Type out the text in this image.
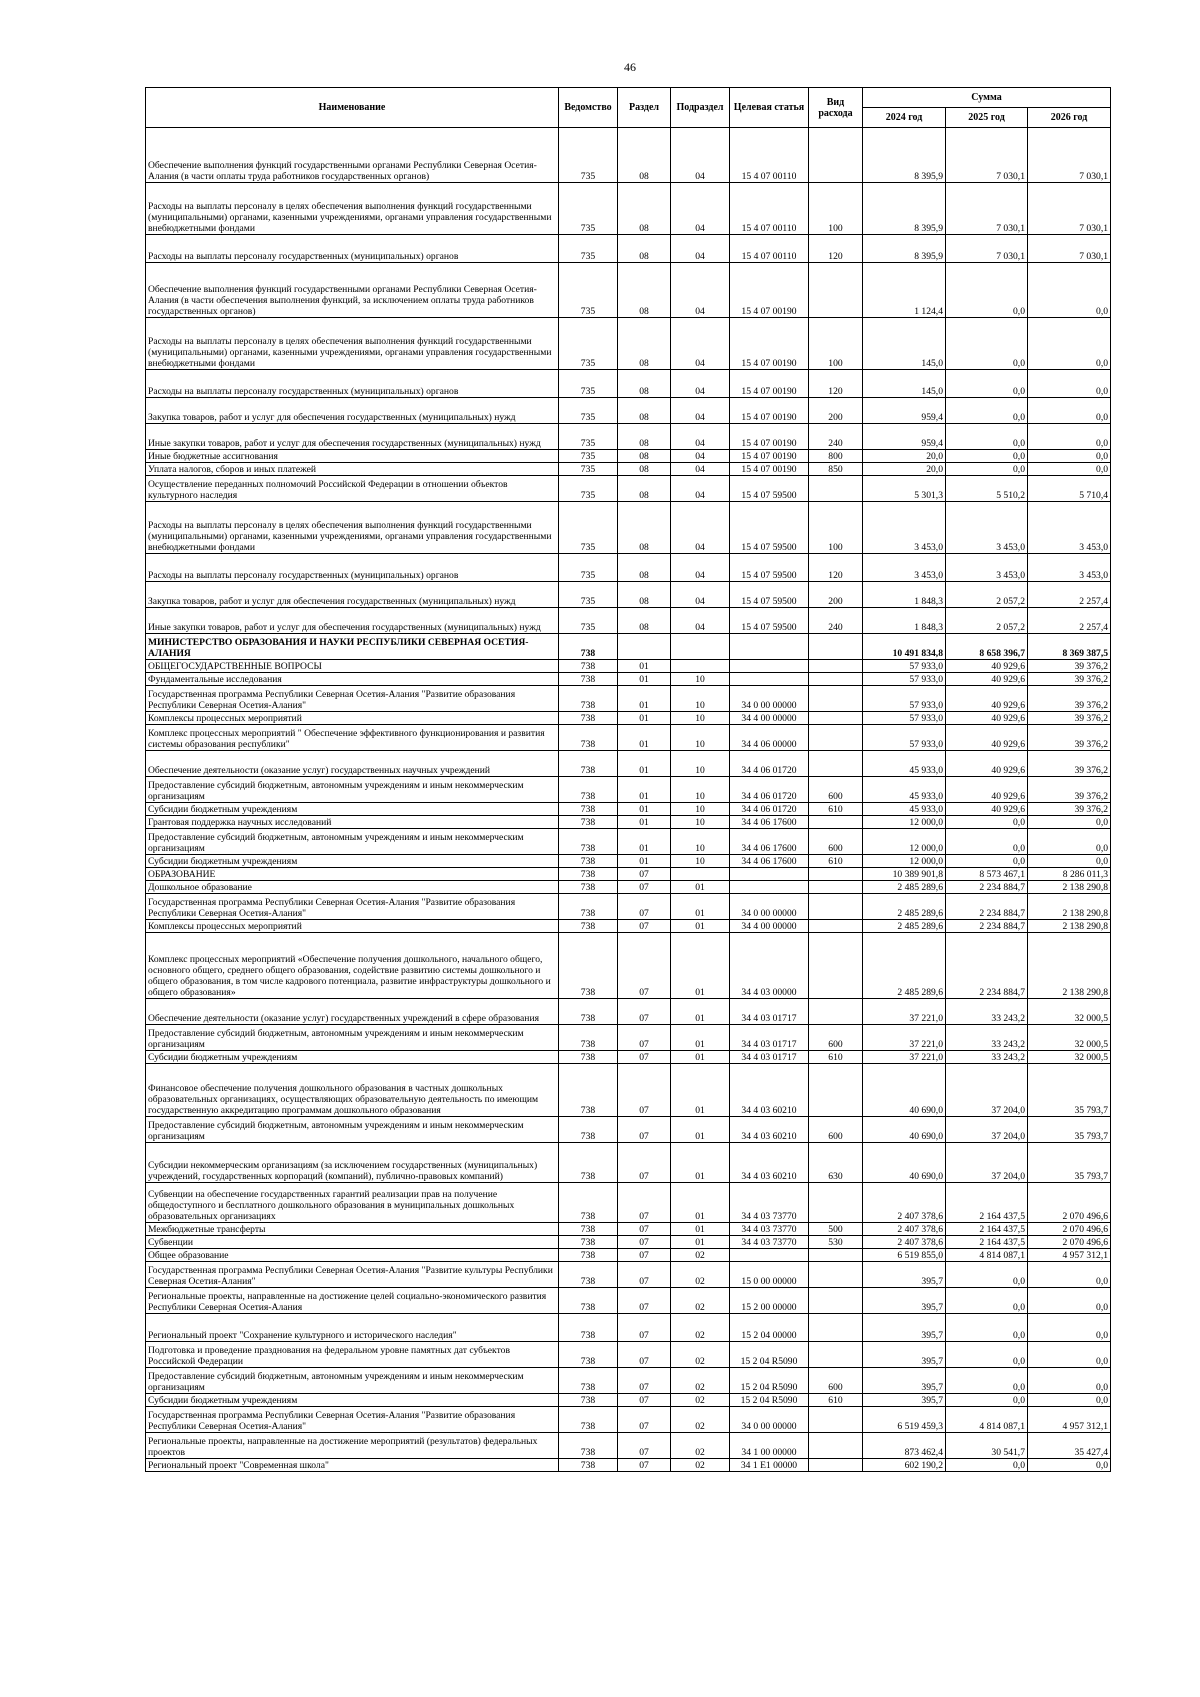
46
Наименование	Ведомство	Раздел	Подраздел	Целевая статья	Вид расхода	Сумма		
						2024 год	2025 год	2026 год
Обеспечение выполнения функций государственными органами Республики Северная Осетия-Алания (в части оплаты труда работников государственных органов)	735	08	04	15 4 07 00110		8 395,9	7 030,1	7 030,1
Расходы на выплаты персоналу в целях обеспечения выполнения функций государственными (муниципальными) органами, казенными учреждениями, органами управления государственными внебюджетными фондами	735	08	04	15 4 07 00110	100	8 395,9	7 030,1	7 030,1
Расходы на выплаты персоналу государственных (муниципальных) органов	735	08	04	15 4 07 00110	120	8 395,9	7 030,1	7 030,1
Обеспечение выполнения функций государственными органами Республики Северная Осетия-Алания (в части обеспечения выполнения функций, за исключением оплаты труда работников государственных органов)	735	08	04	15 4 07 00190		1 124,4	0,0	0,0
Расходы на выплаты персоналу в целях обеспечения выполнения функций государственными (муниципальными) органами, казенными учреждениями, органами управления государственными внебюджетными фондами	735	08	04	15 4 07 00190	100	145,0	0,0	0,0
Расходы на выплаты персоналу государственных (муниципальных) органов	735	08	04	15 4 07 00190	120	145,0	0,0	0,0
Закупка товаров, работ и услуг для обеспечения государственных (муниципальных) нужд	735	08	04	15 4 07 00190	200	959,4	0,0	0,0
Иные закупки товаров, работ и услуг для обеспечения государственных (муниципальных) нужд	735	08	04	15 4 07 00190	240	959,4	0,0	0,0
Иные бюджетные ассигнования	735	08	04	15 4 07 00190	800	20,0	0,0	0,0
Уплата налогов, сборов и иных платежей	735	08	04	15 4 07 00190	850	20,0	0,0	0,0
Осуществление переданных полномочий Российской Федерации в отношении объектов культурного наследия	735	08	04	15 4 07 59500		5 301,3	5 510,2	5 710,4
Расходы на выплаты персоналу в целях обеспечения выполнения функций государственными (муниципальными) органами, казенными учреждениями, органами управления государственными внебюджетными фондами	735	08	04	15 4 07 59500	100	3 453,0	3 453,0	3 453,0
Расходы на выплаты персоналу государственных (муниципальных) органов	735	08	04	15 4 07 59500	120	3 453,0	3 453,0	3 453,0
Закупка товаров, работ и услуг для обеспечения государственных (муниципальных) нужд	735	08	04	15 4 07 59500	200	1 848,3	2 057,2	2 257,4
Иные закупки товаров, работ и услуг для обеспечения государственных (муниципальных) нужд	735	08	04	15 4 07 59500	240	1 848,3	2 057,2	2 257,4
МИНИСТЕРСТВО ОБРАЗОВАНИЯ И НАУКИ РЕСПУБЛИКИ СЕВЕРНАЯ ОСЕТИЯ-АЛАНИЯ	738					10 491 834,8	8 658 396,7	8 369 387,5
ОБЩЕГОСУДАРСТВЕННЫЕ ВОПРОСЫ	738	01				57 933,0	40 929,6	39 376,2
Фундаментальные исследования	738	01	10			57 933,0	40 929,6	39 376,2
Государственная программа Республики Северная Осетия-Алания "Развитие образования Республики Северная Осетия-Алания"	738	01	10	34 0 00 00000		57 933,0	40 929,6	39 376,2
Комплексы процессных мероприятий	738	01	10	34 4 00 00000		57 933,0	40 929,6	39 376,2
Комплекс процессных мероприятий " Обеспечение эффективного функционирования и развития системы образования республики"	738	01	10	34 4 06 00000		57 933,0	40 929,6	39 376,2
Обеспечение деятельности (оказание услуг) государственных научных учреждений	738	01	10	34 4 06 01720		45 933,0	40 929,6	39 376,2
Предоставление субсидий бюджетным, автономным учреждениям и иным некоммерческим организациям	738	01	10	34 4 06 01720	600	45 933,0	40 929,6	39 376,2
Субсидии бюджетным учреждениям	738	01	10	34 4 06 01720	610	45 933,0	40 929,6	39 376,2
Грантовая поддержка научных исследований	738	01	10	34 4 06 17600		12 000,0	0,0	0,0
Предоставление субсидий бюджетным, автономным учреждениям и иным некоммерческим организациям	738	01	10	34 4 06 17600	600	12 000,0	0,0	0,0
Субсидии бюджетным учреждениям	738	01	10	34 4 06 17600	610	12 000,0	0,0	0,0
ОБРАЗОВАНИЕ	738	07				10 389 901,8	8 573 467,1	8 286 011,3
Дошкольное образование	738	07	01			2 485 289,6	2 234 884,7	2 138 290,8
Государственная программа Республики Северная Осетия-Алания "Развитие образования Республики Северная Осетия-Алания"	738	07	01	34 0 00 00000		2 485 289,6	2 234 884,7	2 138 290,8
Комплексы процессных мероприятий	738	07	01	34 4 00 00000		2 485 289,6	2 234 884,7	2 138 290,8
Комплекс процессных мероприятий «Обеспечение получения дошкольного, начального общего, основного общего, среднего общего образования, содействие развитию системы дошкольного и общего образования, в том числе кадрового потенциала, развитие инфраструктуры дошкольного и общего образования»	738	07	01	34 4 03 00000		2 485 289,6	2 234 884,7	2 138 290,8
Обеспечение деятельности (оказание услуг) государственных учреждений в сфере образования	738	07	01	34 4 03 01717		37 221,0	33 243,2	32 000,5
Предоставление субсидий бюджетным, автономным учреждениям и иным некоммерческим организациям	738	07	01	34 4 03 01717	600	37 221,0	33 243,2	32 000,5
Субсидии бюджетным учреждениям	738	07	01	34 4 03 01717	610	37 221,0	33 243,2	32 000,5
Финансовое обеспечение получения дошкольного образования в частных дошкольных образовательных организациях, осуществляющих образовательную деятельность по имеющим государственную аккредитацию программам дошкольного образования	738	07	01	34 4 03 60210		40 690,0	37 204,0	35 793,7
Предоставление субсидий бюджетным, автономным учреждениям и иным некоммерческим организациям	738	07	01	34 4 03 60210	600	40 690,0	37 204,0	35 793,7
Субсидии некоммерческим организациям (за исключением государственных (муниципальных) учреждений, государственных корпораций (компаний), публично-правовых компаний)	738	07	01	34 4 03 60210	630	40 690,0	37 204,0	35 793,7
Субвенции на обеспечение государственных гарантий реализации прав на получение общедоступного и бесплатного дошкольного образования в муниципальных дошкольных образовательных организациях	738	07	01	34 4 03 73770		2 407 378,6	2 164 437,5	2 070 496,6
Межбюджетные трансферты	738	07	01	34 4 03 73770	500	2 407 378,6	2 164 437,5	2 070 496,6
Субвенции	738	07	01	34 4 03 73770	530	2 407 378,6	2 164 437,5	2 070 496,6
Общее образование	738	07	02			6 519 855,0	4 814 087,1	4 957 312,1
Государственная программа Республики Северная Осетия-Алания "Развитие культуры Республики Северная Осетия-Алания"	738	07	02	15 0 00 00000		395,7	0,0	0,0
Региональные проекты, направленные на достижение целей социально-экономического развития Республики Северная Осетия-Алания	738	07	02	15 2 00 00000		395,7	0,0	0,0
Региональный проект "Сохранение культурного и исторического наследия"	738	07	02	15 2 04 00000		395,7	0,0	0,0
Подготовка и проведение празднования на федеральном уровне памятных дат субъектов Российской Федерации	738	07	02	15 2 04 R5090		395,7	0,0	0,0
Предоставление субсидий бюджетным, автономным учреждениям и иным некоммерческим организациям	738	07	02	15 2 04 R5090	600	395,7	0,0	0,0
Субсидии бюджетным учреждениям	738	07	02	15 2 04 R5090	610	395,7	0,0	0,0
Государственная программа Республики Северная Осетия-Алания "Развитие образования Республики Северная Осетия-Алания"	738	07	02	34 0 00 00000		6 519 459,3	4 814 087,1	4 957 312,1
Региональные проекты, направленные на достижение мероприятий (результатов) федеральных проектов	738	07	02	34 1 00 00000		873 462,4	30 541,7	35 427,4
Региональный проект "Современная школа"	738	07	02	34 1 E1 00000		602 190,2	0,0	0,0
